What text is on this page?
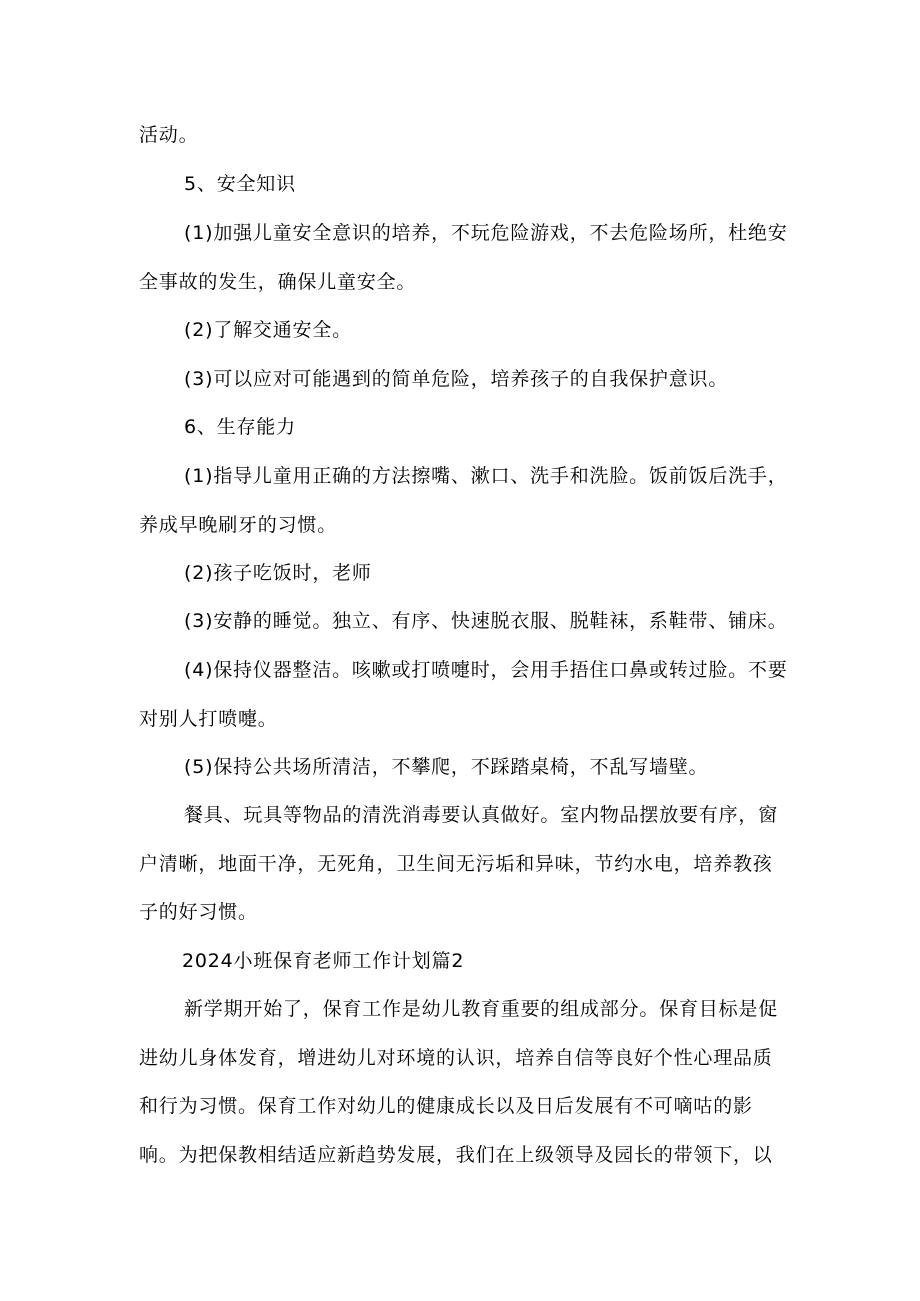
活动。
5、安全知识
(1)加强儿童安全意识的培养，不玩危险游戏，不去危险场所，杜绝安
全事故的发生，确保儿童安全。
(2)了解交通安全。
(3)可以应对可能遇到的简单危险，培养孩子的自我保护意识。
6、生存能力
(1)指导儿童用正确的方法擦嘴、漱口、洗手和洗脸。饭前饭后洗手，
养成早晚刷牙的习惯。
(2)孩子吃饭时，老师
(3)安静的睡觉。独立、有序、快速脱衣服、脱鞋袜，系鞋带、铺床。
(4)保持仪器整洁。咳嗽或打喷嚏时，会用手捂住口鼻或转过脸。不要
对别人打喷嚏。
(5)保持公共场所清洁，不攀爬，不踩踏桌椅，不乱写墙壁。
餐具、玩具等物品的清洗消毒要认真做好。室内物品摆放要有序，窗
户清晰，地面干净，无死角，卫生间无污垢和异味，节约水电，培养教孩
子的好习惯。
2024小班保育老师工作计划篇2
新学期开始了，保育工作是幼儿教育重要的组成部分。保育目标是促
进幼儿身体发育，增进幼儿对环境的认识，培养自信等良好个性心理品质
和行为习惯。保育工作对幼儿的健康成长以及日后发展有不可嘀咕的影
响。为把保教相结适应新趋势发展，我们在上级领导及园长的带领下，以
